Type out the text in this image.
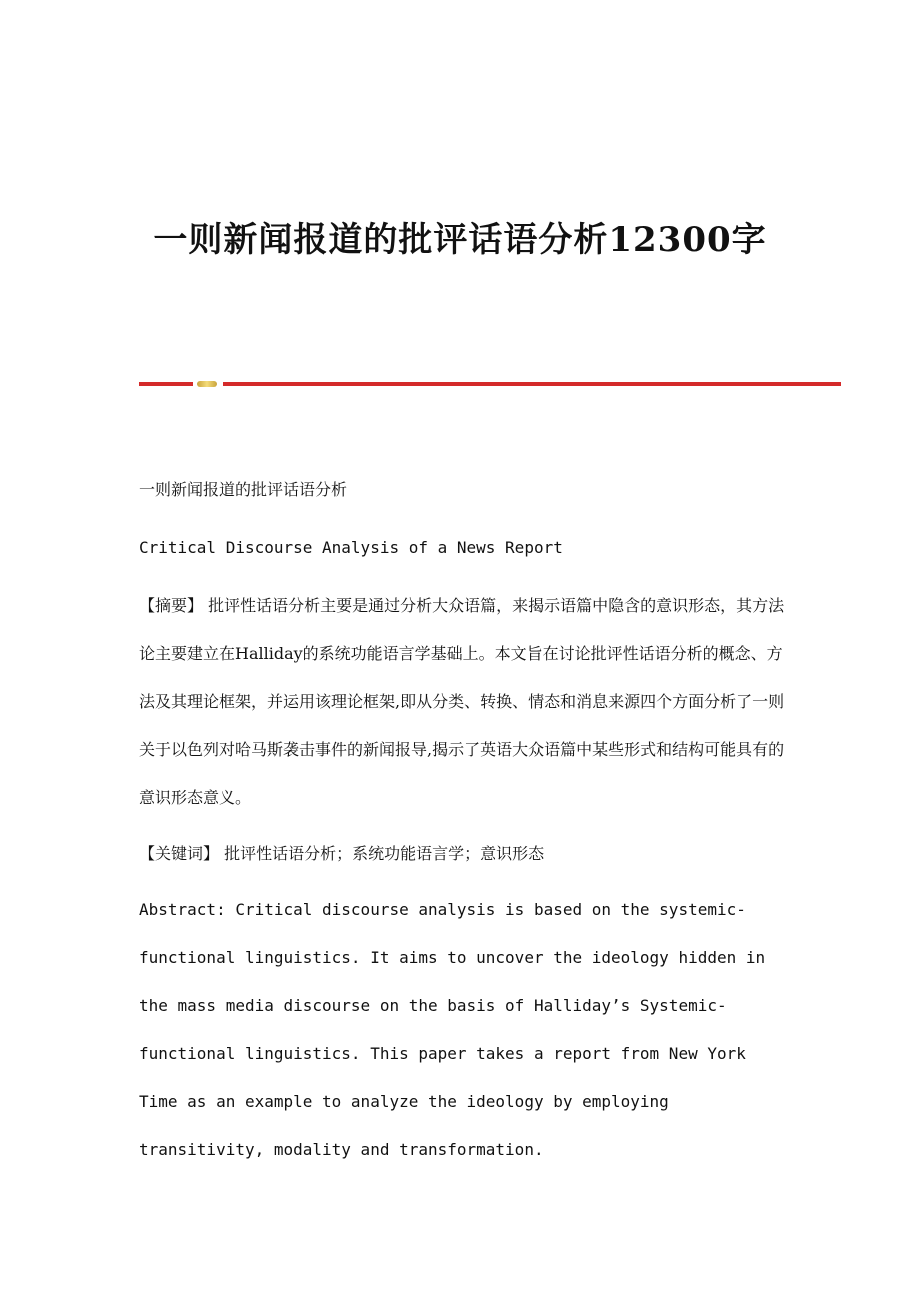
一则新闻报道的批评话语分析12300字

一则新闻报道的批评话语分析

Critical Discourse Analysis of a News Report

【摘要】 批评性话语分析主要是通过分析大众语篇，来揭示语篇中隐含的意识形态，其方法论主要建立在Halliday的系统功能语言学基础上。本文旨在讨论批评性话语分析的概念、方法及其理论框架，并运用该理论框架,即从分类、转换、情态和消息来源四个方面分析了一则关于以色列对哈马斯袭击事件的新闻报导,揭示了英语大众语篇中某些形式和结构可能具有的意识形态意义。

【关键词】 批评性话语分析；系统功能语言学；意识形态

Abstract: Critical discourse analysis is based on the systemic-functional linguistics. It aims to uncover the ideology hidden in the mass media discourse on the basis of Halliday’s Systemic-functional linguistics. This paper takes a report from New York Time as an example to analyze the ideology by employing transitivity, modality and transformation.
